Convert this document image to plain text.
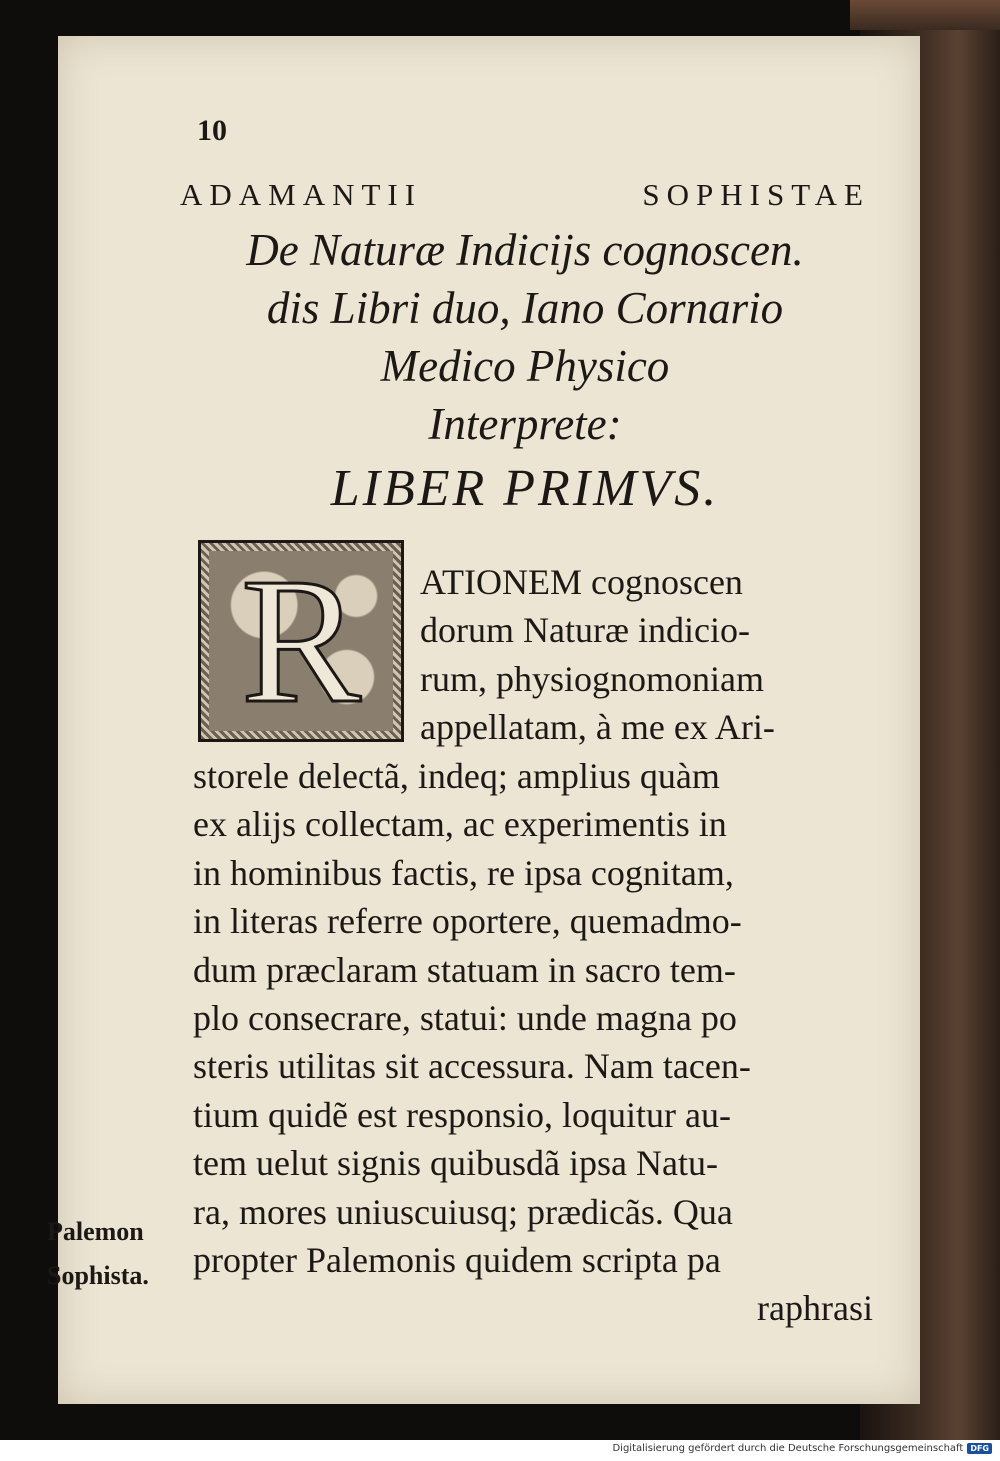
10
ADAMANTII	SOPHISTAE
De Naturæ Indicijs cognoscen.
dis Libri duo, Iano Cornario
Medico Physico
Interprete:
LIBER PRIMVS.
R ATIONEM cognoscen
dorum Naturæ indicio-
rum, physiognomoniam
appellatam, à me ex Ari-
storele delectã, indeq; amplius quàm
ex alijs collectam, ac experimentis in
in hominibus factis, re ipsa cognitam,
in literas referre oportere, quemadmo-
dum præclaram statuam in sacro tem-
plo consecrare, statui: unde magna po
steris utilitas sit accessura. Nam tacen-
tium quidẽ est responsio, loquitur au-
tem uelut signis quibusdã ipsa Natu-
ra, mores uniuscuiusq; prædicãs. Qua
propter Palemonis quidem scripta pa
raphrasi
Palemon
Sophista.
Digitalisierung gefördert durch die Deutsche Forschungsgemeinschaft DFG
